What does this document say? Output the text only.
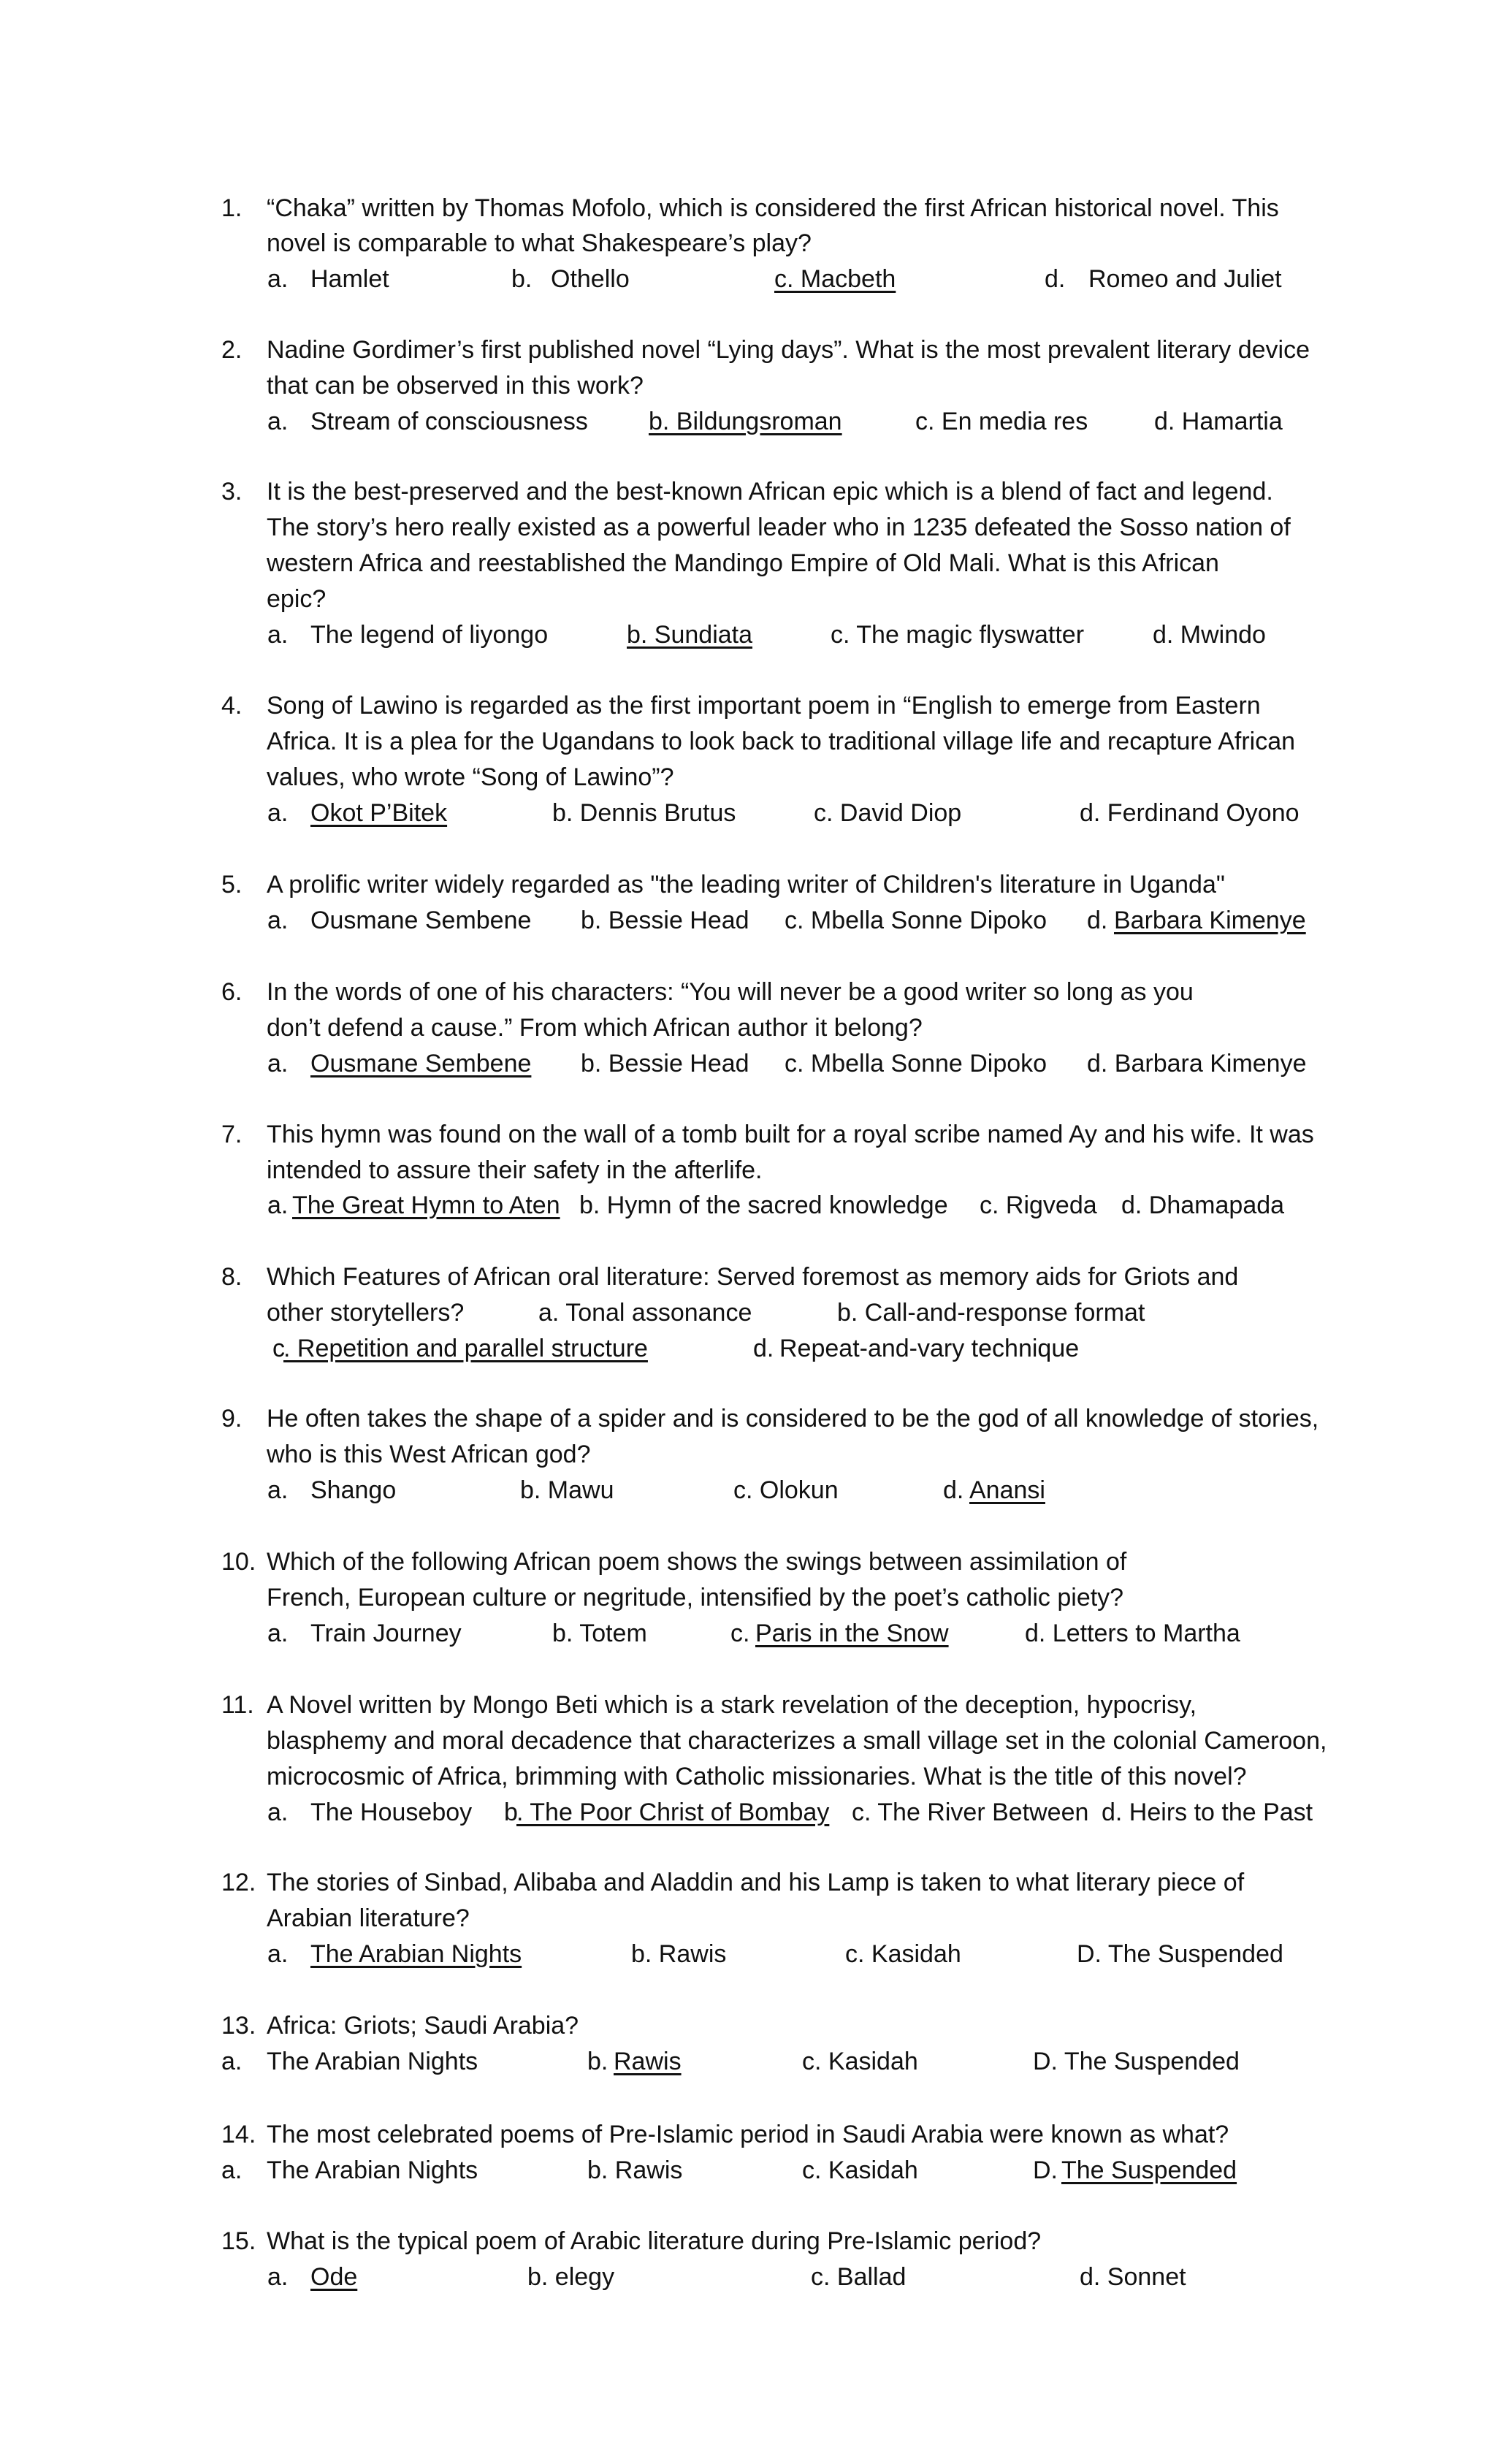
1. “Chaka” written by Thomas Mofolo, which is considered the first African historical novel. This
novel is comparable to what Shakespeare’s play?
a. Hamlet	b. Othello	c. Macbeth	d. Romeo and Juliet
2. Nadine Gordimer’s first published novel “Lying days”. What is the most prevalent literary device
that can be observed in this work?
a. Stream of consciousness b. Bildungsroman	c. En media res	d. Hamartia
3. It is the best-preserved and the best-known African epic which is a blend of fact and legend.
The story’s hero really existed as a powerful leader who in 1235 defeated the Sosso nation of
western Africa and reestablished the Mandingo Empire of Old Mali. What is this African
epic?
a. The legend of liyongo	b. Sundiata	c. The magic flyswatter	d. Mwindo
4. Song of Lawino is regarded as the first important poem in “English to emerge from Eastern
Africa. It is a plea for the Ugandans to look back to traditional village life and recapture African
values, who wrote “Song of Lawino”?
a. Okot P’Bitek	b. Dennis Brutus	c. David Diop	d. Ferdinand Oyono
5. A prolific writer widely regarded as "the leading writer of Children's literature in Uganda"
a. Ousmane Sembene b. Bessie Head c. Mbella Sonne Dipoko d. Barbara Kimenye
6. In the words of one of his characters: “You will never be a good writer so long as you
don’t defend a cause.” From which African author it belong?
a. Ousmane Sembene b. Bessie Head c. Mbella Sonne Dipoko d. Barbara Kimenye
7. This hymn was found on the wall of a tomb built for a royal scribe named Ay and his wife. It was
intended to assure their safety in the afterlife.
a. The Great Hymn to Aten b. Hymn of the sacred knowledge c. Rigveda d. Dhamapada
8. Which Features of African oral literature: Served foremost as memory aids for Griots and
other storytellers?	a. Tonal assonance	b. Call-and-response format
c
. Repetition and parallel structure	d. Repeat-and-vary technique
9. He often takes the shape of a spider and is considered to be the god of all knowledge of stories,
who is this West African god?
a. Shango	b. Mawu	c. Olokun	d. Anansi
10. Which of the following African poem shows the swings between assimilation of
French, European culture or negritude, intensified by the poet’s catholic piety?
a. Train Journey	b. Totem	c. Paris in the Snow	d. Letters to Martha
11. A Novel written by Mongo Beti which is a stark revelation of the deception, hypocrisy,
blasphemy and moral decadence that characterizes a small village set in the colonial Cameroon,
microcosmic of Africa, brimming with Catholic missionaries. What is the title of this novel?
a. The Houseboy b
. The Poor Christ of Bombay c. The River Between d. Heirs to the Past
12. The stories of Sinbad, Alibaba and Aladdin and his Lamp is taken to what literary piece of
Arabian literature?
a. The Arabian Nights	b. Rawis	c. Kasidah	D. The Suspended
13. Africa: Griots; Saudi Arabia?
a. The Arabian Nights	b. Rawis	c. Kasidah	D. The Suspended
14. The most celebrated poems of Pre-Islamic period in Saudi Arabia were known as what?
a. The Arabian Nights	b. Rawis	c. Kasidah	D. The Suspended
15. What is the typical poem of Arabic literature during Pre-Islamic period?
a. Ode	b. elegy	c. Ballad	d. Sonnet
